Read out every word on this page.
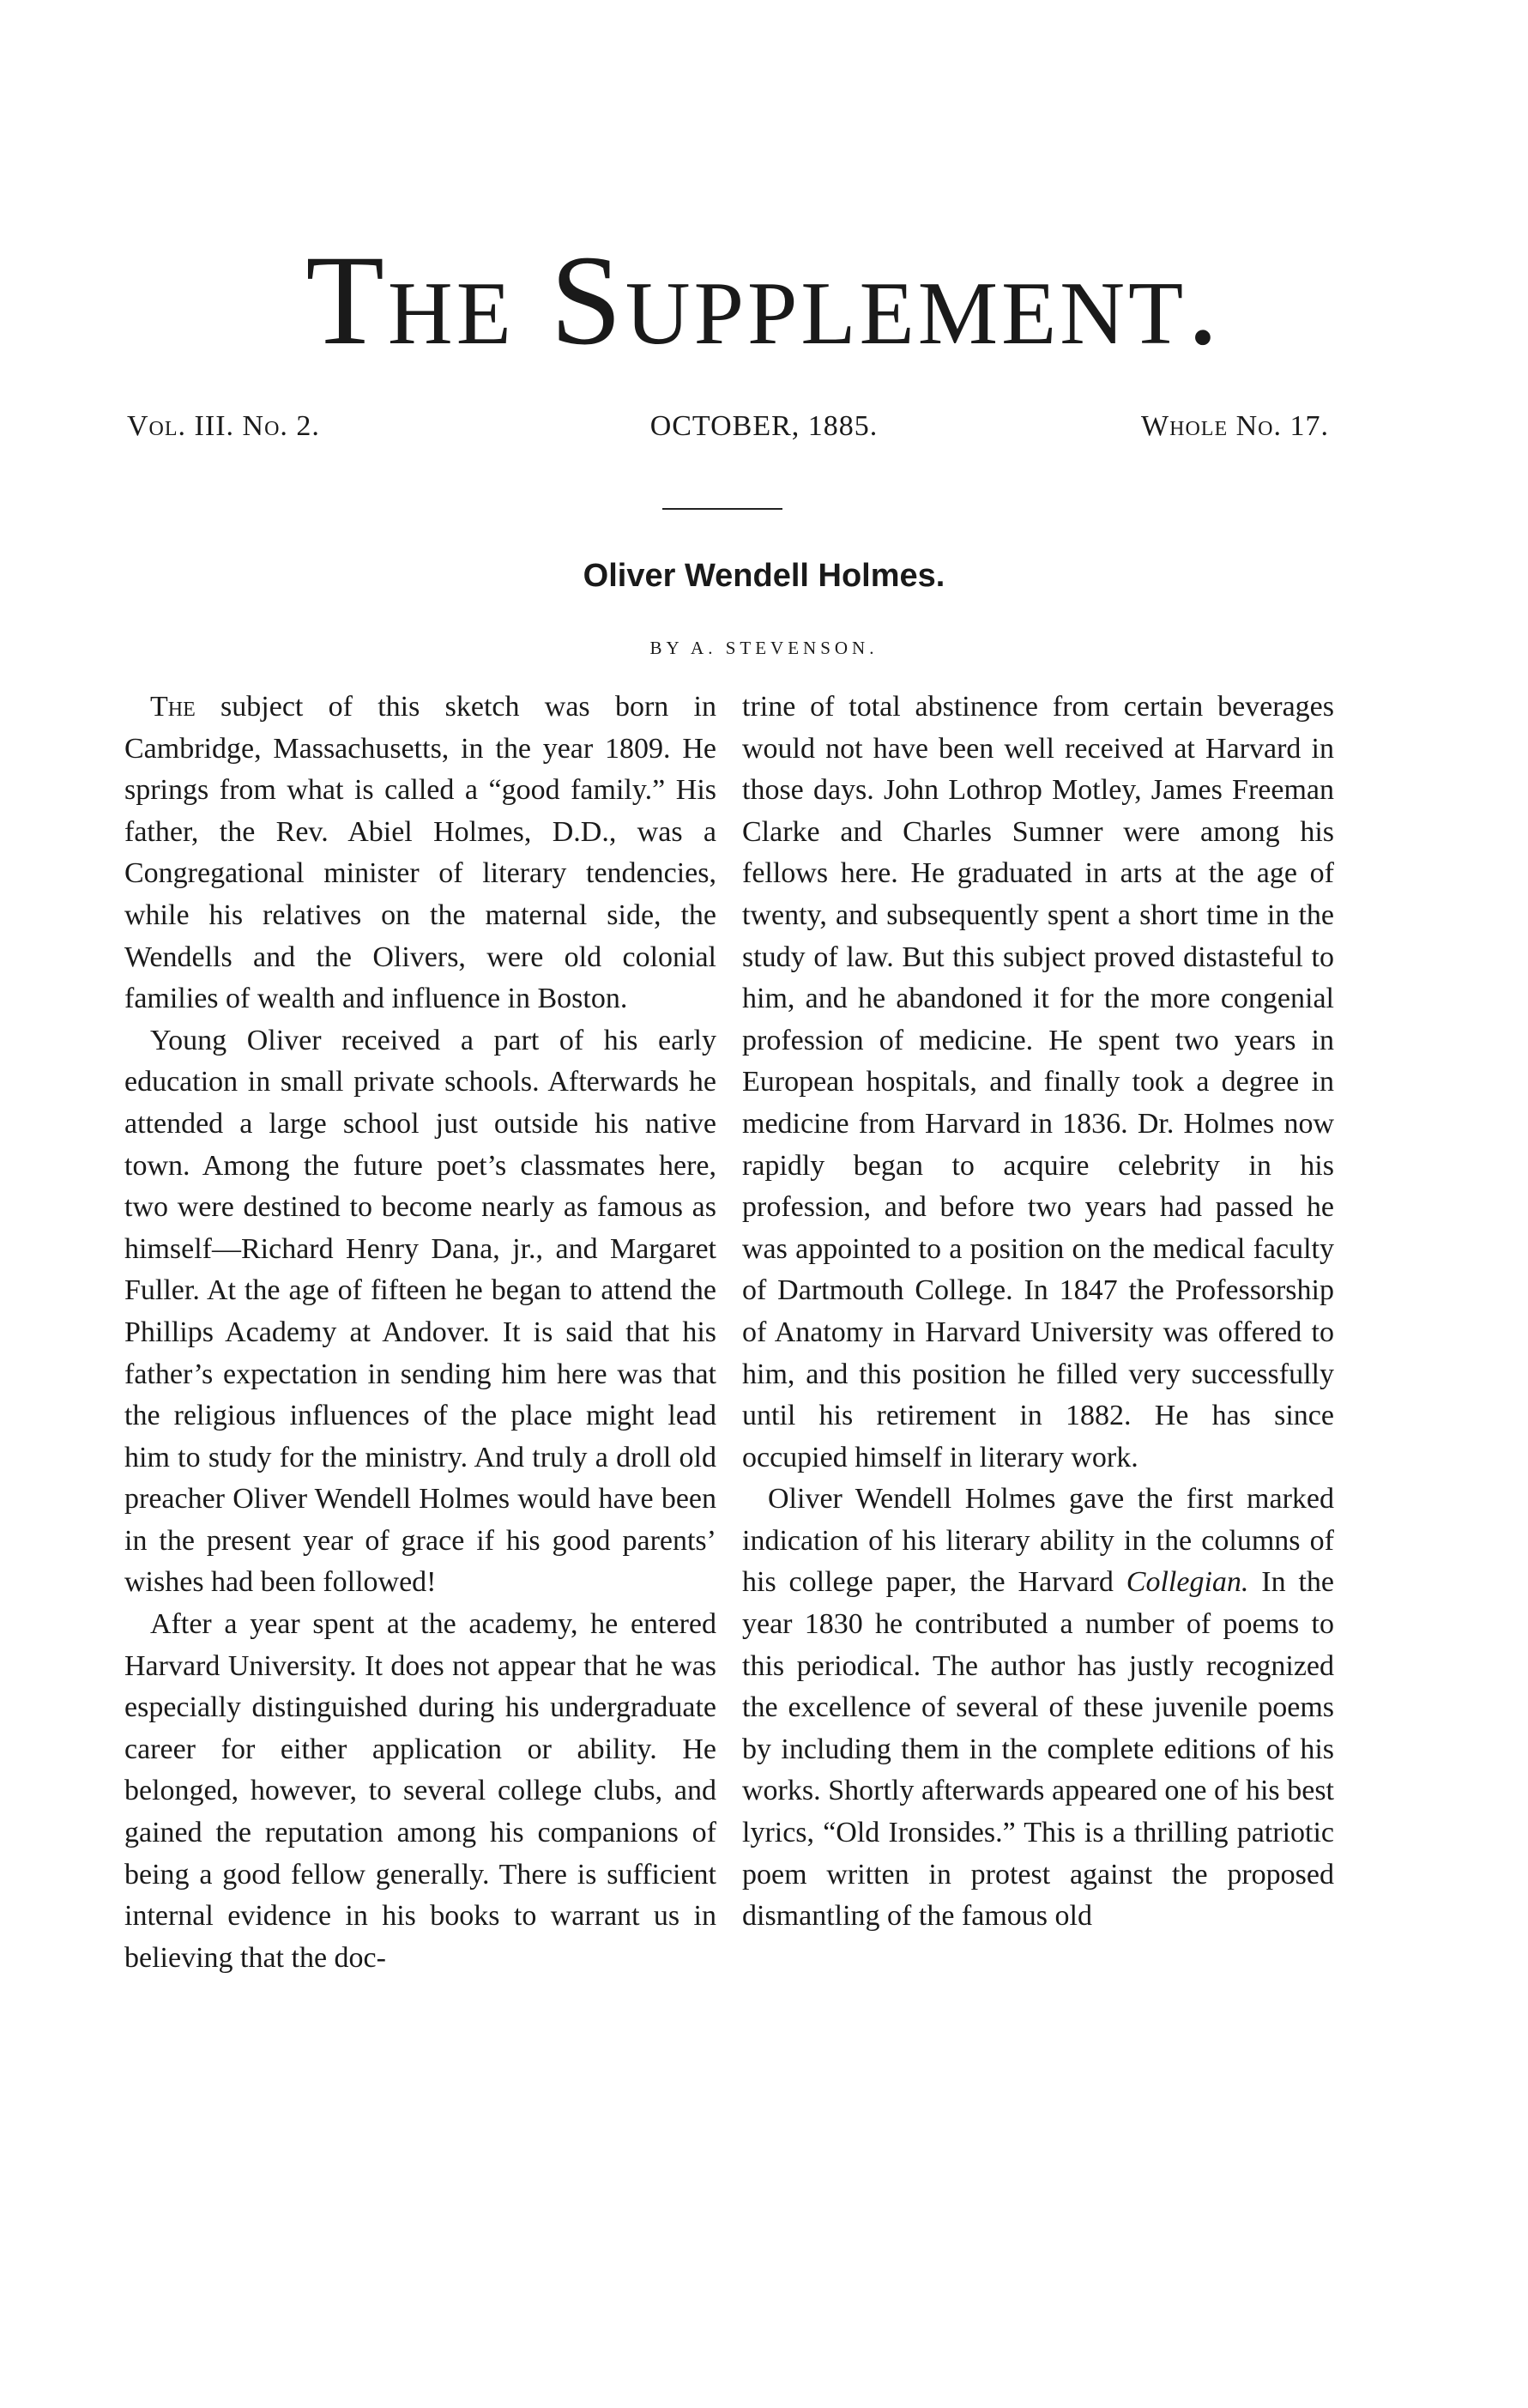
The Supplement.
Vol. III. No. 2.	OCTOBER, 1885.	Whole No. 17.
Oliver Wendell Holmes.
BY A. STEVENSON.

The subject of this sketch was born in Cambridge, Massachusetts, in the year 1809. He springs from what is called a “good family.” His father, the Rev. Abiel Holmes, D.D., was a Congregational minister of literary tendencies, while his relatives on the maternal side, the Wendells and the Olivers, were old colonial families of wealth and influence in Boston.

Young Oliver received a part of his early education in small private schools. Afterwards he attended a large school just outside his native town. Among the future poet’s classmates here, two were destined to become nearly as famous as himself—Richard Henry Dana, jr., and Margaret Fuller. At the age of fifteen he began to attend the Phillips Academy at Andover. It is said that his father’s expectation in sending him here was that the religious influences of the place might lead him to study for the ministry. And truly a droll old preacher Oliver Wendell Holmes would have been in the present year of grace if his good parents’ wishes had been followed!

After a year spent at the academy, he entered Harvard University. It does not appear that he was especially distinguished during his undergraduate career for either application or ability. He belonged, however, to several college clubs, and gained the reputation among his companions of being a good fellow generally. There is sufficient internal evidence in his books to warrant us in believing that the doc-

trine of total abstinence from certain beverages would not have been well received at Harvard in those days. John Lothrop Motley, James Freeman Clarke and Charles Sumner were among his fellows here. He graduated in arts at the age of twenty, and subsequently spent a short time in the study of law. But this subject proved distasteful to him, and he abandoned it for the more congenial profession of medicine. He spent two years in European hospitals, and finally took a degree in medicine from Harvard in 1836. Dr. Holmes now rapidly began to acquire celebrity in his profession, and before two years had passed he was appointed to a position on the medical faculty of Dartmouth College. In 1847 the Professorship of Anatomy in Harvard University was offered to him, and this position he filled very successfully until his retirement in 1882. He has since occupied himself in literary work.

Oliver Wendell Holmes gave the first marked indication of his literary ability in the columns of his college paper, the Harvard Collegian. In the year 1830 he contributed a number of poems to this periodical. The author has justly recognized the excellence of several of these juvenile poems by including them in the complete editions of his works. Shortly afterwards appeared one of his best lyrics, “Old Ironsides.” This is a thrilling patriotic poem written in protest against the proposed dismantling of the famous old
